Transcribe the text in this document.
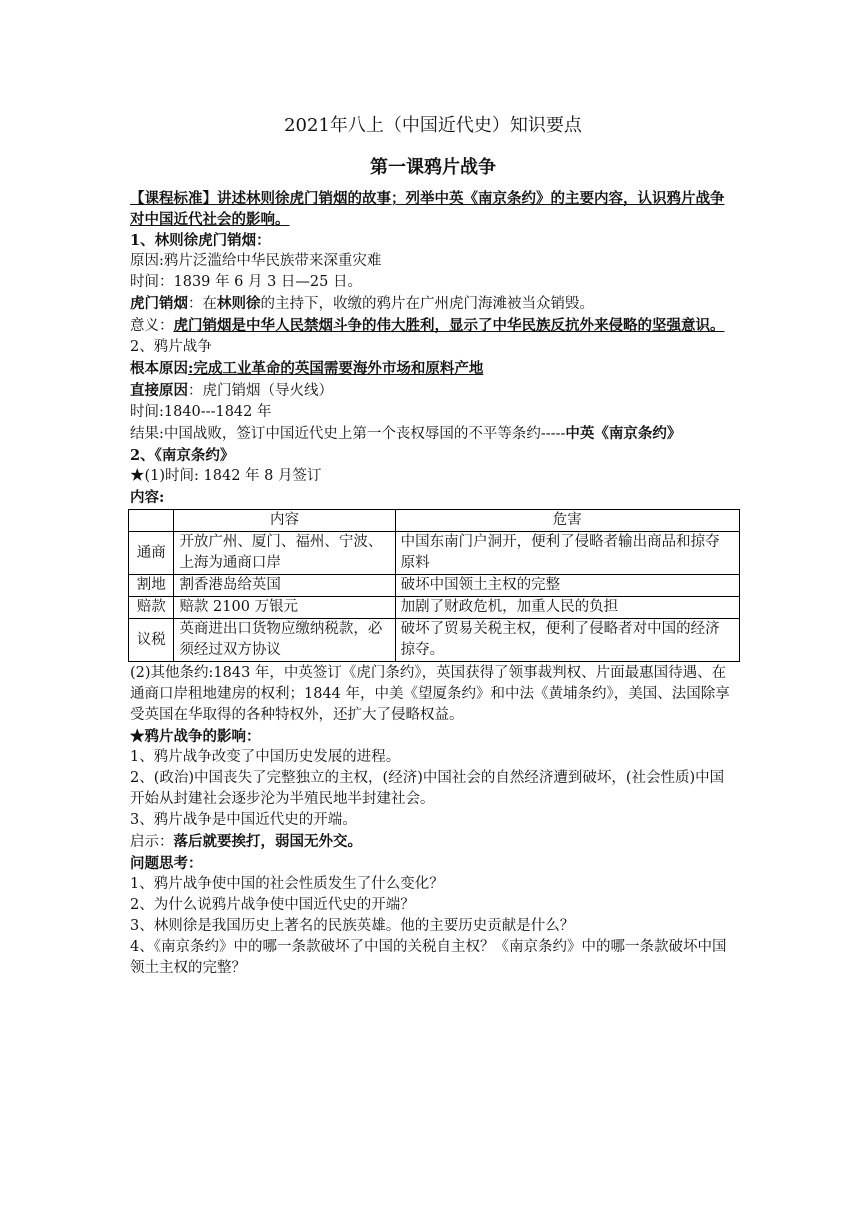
2021年八上（中国近代史）知识要点
第一课鸦片战争

【课程标准】讲述林则徐虎门销烟的故事；列举中英《南京条约》的主要内容，认识鸦片战争对中国近代社会的影响。

1、林则徐虎门销烟：

原因:鸦片泛滥给中华民族带来深重灾难

时间：1839 年 6 月 3 日—25 日。

虎门销烟：在林则徐的主持下，收缴的鸦片在广州虎门海滩被当众销毁。

意义：虎门销烟是中华人民禁烟斗争的伟大胜利，显示了中华民族反抗外来侵略的坚强意识。

2、鸦片战争

根本原因:完成工业革命的英国需要海外市场和原料产地

直接原因：虎门销烟（导火线）

时间:1840---1842 年

结果:中国战败，签订中国近代史上第一个丧权辱国的不平等条约-----中英《南京条约》

2、《南京条约》

★(1)时间: 1842 年 8 月签订

内容:

	内容	危害
通商	开放广州、厦门、福州、宁波、上海为通商口岸	中国东南门户洞开，便利了侵略者输出商品和掠夺原料
割地	割香港岛给英国	破坏中国领土主权的完整
赔款	赔款 2100 万银元	加剧了财政危机，加重人民的负担
议税	英商进出口货物应缴纳税款，必须经过双方协议	破坏了贸易关税主权，便利了侵略者对中国的经济掠夺。

(2)其他条约:1843 年，中英签订《虎门条约》，英国获得了领事裁判权、片面最惠国待遇、在通商口岸租地建房的权利；1844 年，中美《望厦条约》和中法《黄埔条约》，美国、法国除享受英国在华取得的各种特权外，还扩大了侵略权益。

★鸦片战争的影响：

1、鸦片战争改变了中国历史发展的进程。

2、(政治)中国丧失了完整独立的主权，(经济)中国社会的自然经济遭到破坏，(社会性质)中国开始从封建社会逐步沦为半殖民地半封建社会。

3、鸦片战争是中国近代史的开端。

启示：落后就要挨打，弱国无外交。

问题思考：

1、鸦片战争使中国的社会性质发生了什么变化？

2、为什么说鸦片战争使中国近代史的开端？

3、林则徐是我国历史上著名的民族英雄。他的主要历史贡献是什么？

4、《南京条约》中的哪一条款破坏了中国的关税自主权？《南京条约》中的哪一条款破坏中国领土主权的完整？
